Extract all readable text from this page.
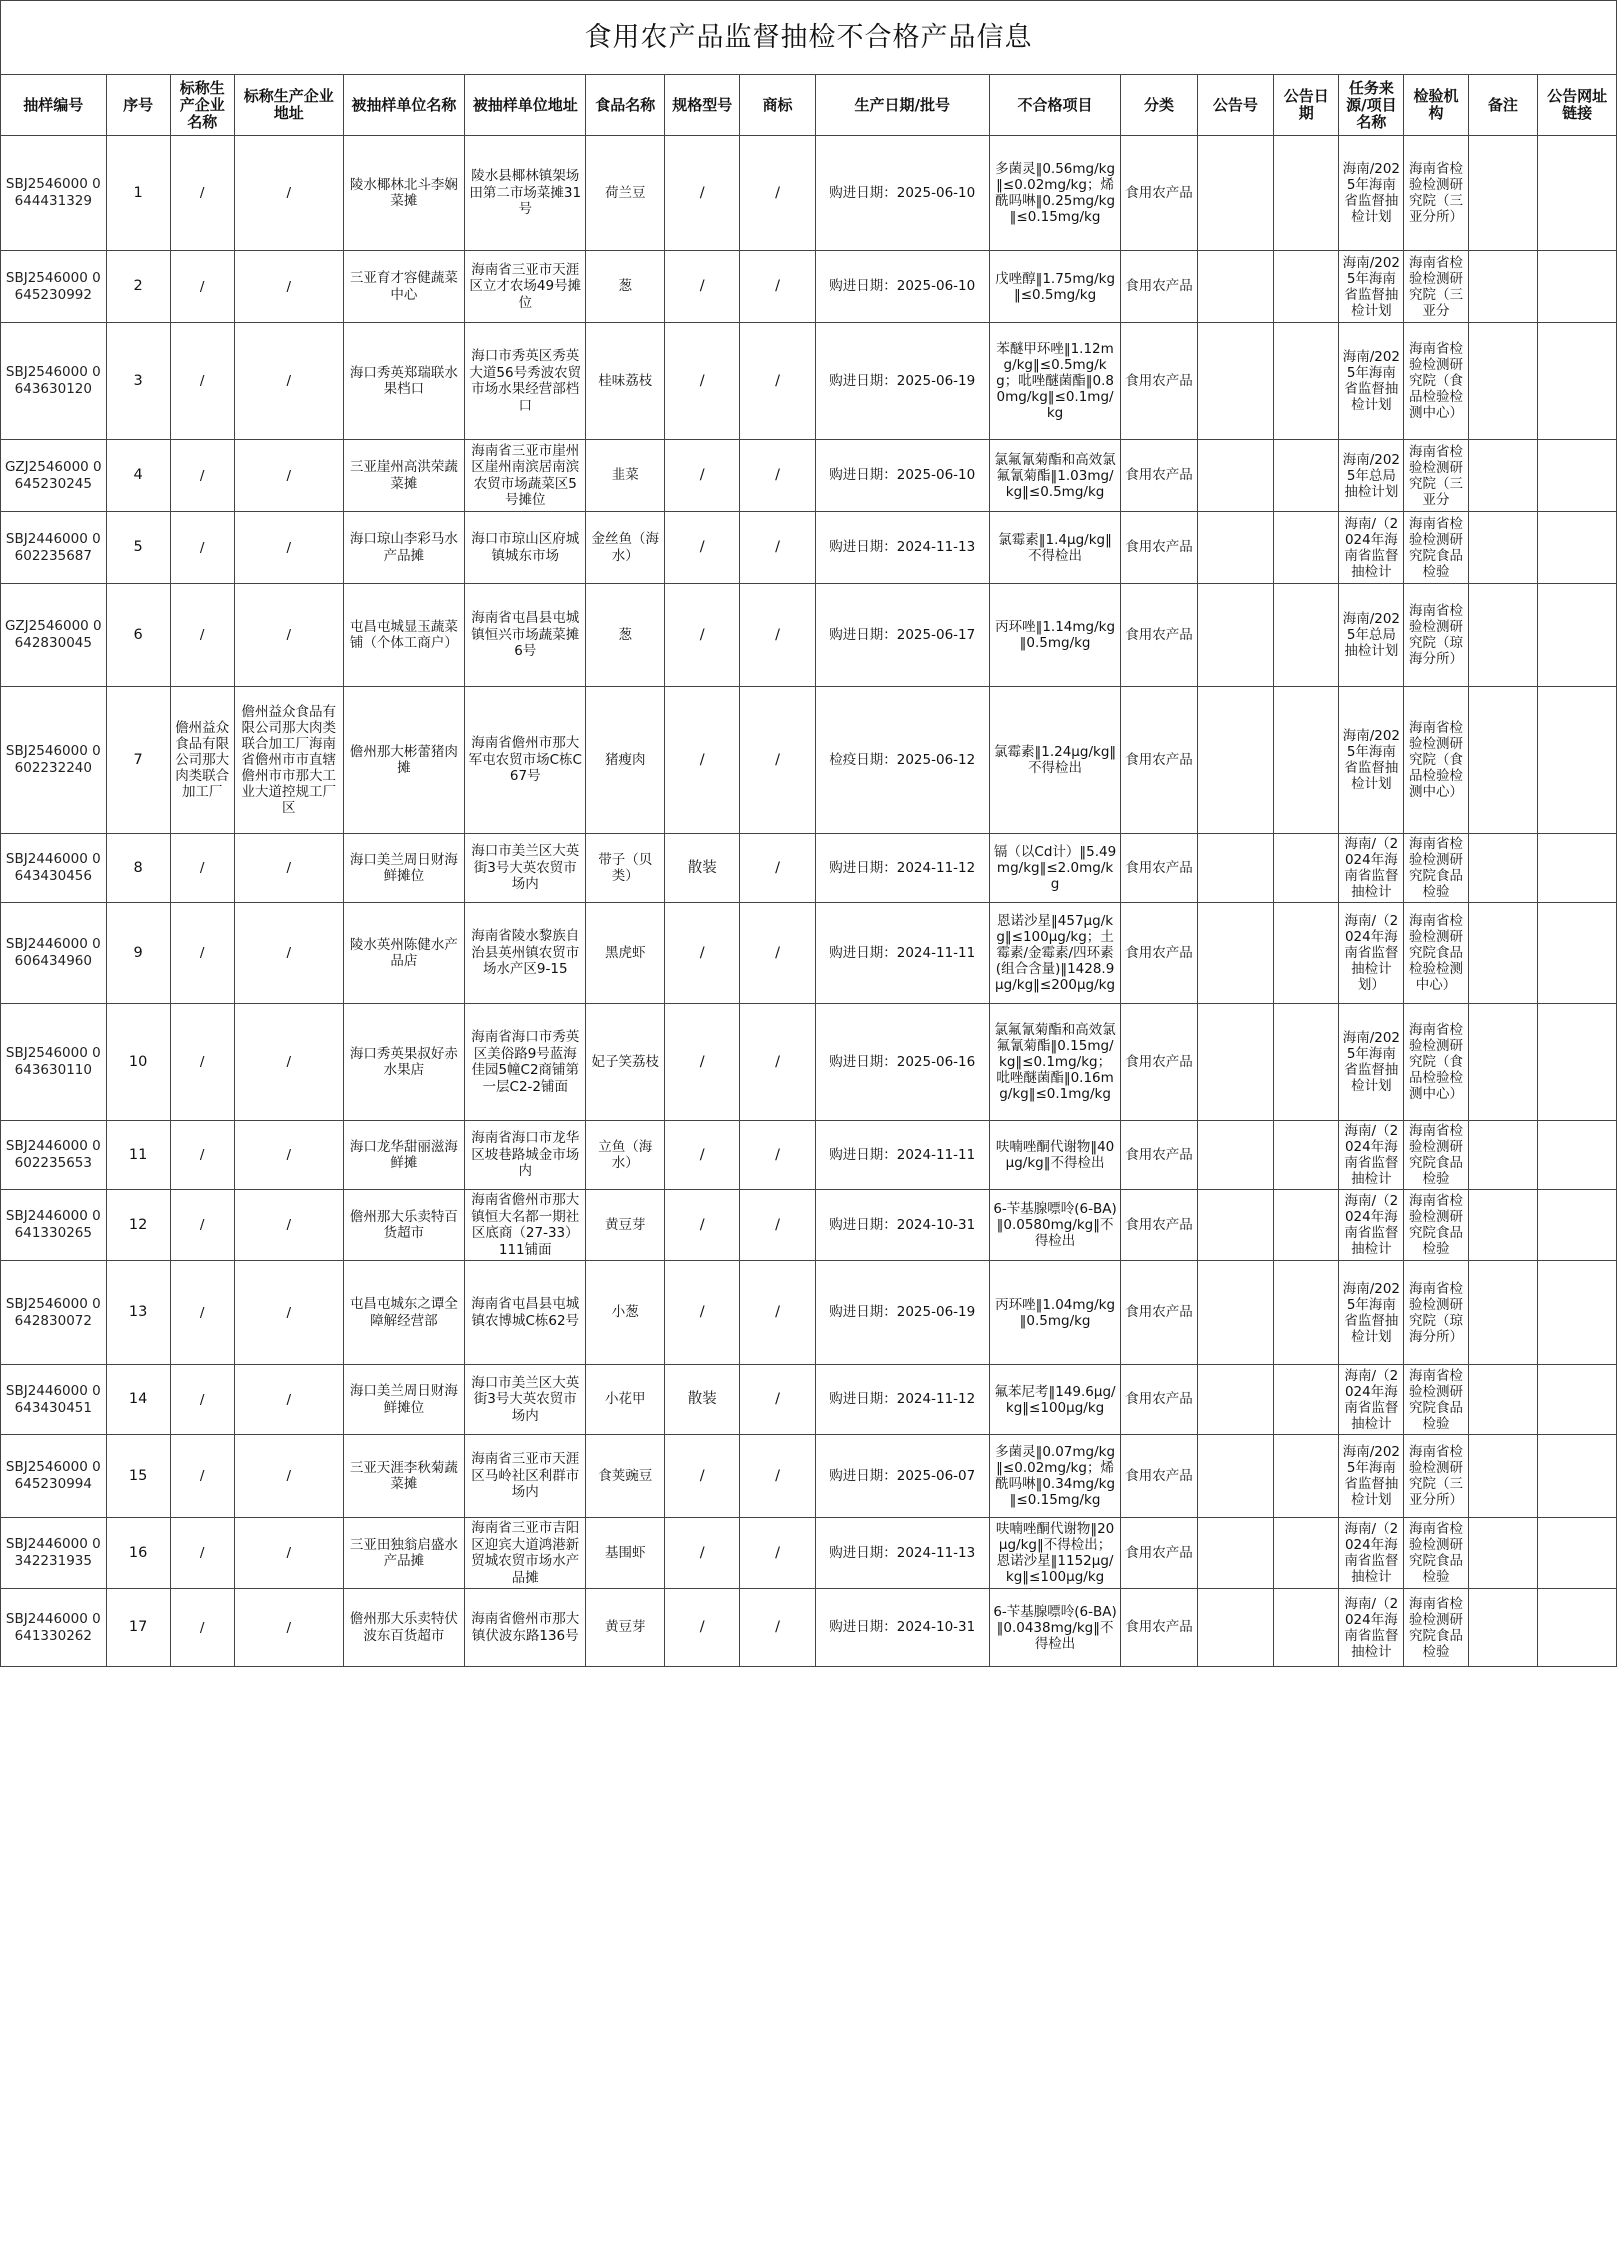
食用农产品监督抽检不合格产品信息
抽样编号	序号	标称生产企业名称	标称生产企业地址	被抽样单位名称	被抽样单位地址	食品名称	规格型号	商标	生产日期/批号	不合格项目	分类	公告号	公告日期	任务来源/项目名称	检验机构	备注	公告网址链接
SBJ2546000 0644431329	1	/	/	陵水椰林北斗李娴菜摊	陵水县椰林镇架场田第二市场菜摊31号	荷兰豆	/	/	购进日期：2025-06-10	多菌灵‖0.56mg/kg‖≤0.02mg/kg；烯酰吗啉‖0.25mg/kg‖≤0.15mg/kg	食用农产品			海南/2025年海南省监督抽检计划	海南省检验检测研究院（三亚分所）		
SBJ2546000 0645230992	2	/	/	三亚育才容健蔬菜中心	海南省三亚市天涯区立才农场49号摊位	葱	/	/	购进日期：2025-06-10	戊唑醇‖1.75mg/kg‖≤0.5mg/kg	食用农产品			海南/2025年海南省监督抽检计划	海南省检验检测研究院（三亚分		
SBJ2546000 0643630120	3	/	/	海口秀英郑瑞联水果档口	海口市秀英区秀英大道56号秀波农贸市场水果经营部档口	桂味荔枝	/	/	购进日期：2025-06-19	苯醚甲环唑‖1.12mg/kg‖≤0.5mg/kg；吡唑醚菌酯‖0.80mg/kg‖≤0.1mg/kg	食用农产品			海南/2025年海南省监督抽检计划	海南省检验检测研究院（食品检验检测中心）		
GZJ2546000 0645230245	4	/	/	三亚崖州高洪荣蔬菜摊	海南省三亚市崖州区崖州南滨居南滨农贸市场蔬菜区5号摊位	韭菜	/	/	购进日期：2025-06-10	氯氟氰菊酯和高效氯氟氰菊酯‖1.03mg/kg‖≤0.5mg/kg	食用农产品			海南/2025年总局抽检计划	海南省检验检测研究院（三亚分		
SBJ2446000 0602235687	5	/	/	海口琼山李彩马水产品摊	海口市琼山区府城镇城东市场	金丝鱼（海水）	/	/	购进日期：2024-11-13	氯霉素‖1.4μg/kg‖不得检出	食用农产品			海南/（2024年海南省监督抽检计	海南省检验检测研究院食品检验		
GZJ2546000 0642830045	6	/	/	屯昌屯城显玉蔬菜铺（个体工商户）	海南省屯昌县屯城镇恒兴市场蔬菜摊6号	葱	/	/	购进日期：2025-06-17	丙环唑‖1.14mg/kg‖0.5mg/kg	食用农产品			海南/2025年总局抽检计划	海南省检验检测研究院（琼海分所）		
SBJ2546000 0602232240	7	儋州益众食品有限公司那大肉类联合加工厂	儋州益众食品有限公司那大肉类联合加工厂海南省儋州市市直辖儋州市市那大工业大道控规工厂区	儋州那大彬蕾猪肉摊	海南省儋州市那大军屯农贸市场C栋C67号	猪瘦肉	/	/	检疫日期：2025-06-12	氯霉素‖1.24μg/kg‖不得检出	食用农产品			海南/2025年海南省监督抽检计划	海南省检验检测研究院（食品检验检测中心）		
SBJ2446000 0643430456	8	/	/	海口美兰周日财海鲜摊位	海口市美兰区大英街3号大英农贸市场内	带子（贝类）	散装	/	购进日期：2024-11-12	镉（以Cd计）‖5.49mg/kg‖≤2.0mg/kg	食用农产品			海南/（2024年海南省监督抽检计	海南省检验检测研究院食品检验		
SBJ2446000 0606434960	9	/	/	陵水英州陈健水产品店	海南省陵水黎族自治县英州镇农贸市场水产区9-15	黑虎虾	/	/	购进日期：2024-11-11	恩诺沙星‖457μg/kg‖≤100μg/kg；土霉素/金霉素/四环素(组合含量)‖1428.9μg/kg‖≤200μg/kg	食用农产品			海南/（2024年海南省监督抽检计划）	海南省检验检测研究院食品检验检测中心）		
SBJ2546000 0643630110	10	/	/	海口秀英果叔好赤水果店	海南省海口市秀英区美俗路9号蓝海佳园5幢C2商铺第一层C2-2铺面	妃子笑荔枝	/	/	购进日期：2025-06-16	氯氟氰菊酯和高效氯氟氰菊酯‖0.15mg/kg‖≤0.1mg/kg；吡唑醚菌酯‖0.16mg/kg‖≤0.1mg/kg	食用农产品			海南/2025年海南省监督抽检计划	海南省检验检测研究院（食品检验检测中心）		
SBJ2446000 0602235653	11	/	/	海口龙华甜丽滋海鲜摊	海南省海口市龙华区坡巷路城金市场内	立鱼（海水）	/	/	购进日期：2024-11-11	呋喃唑酮代谢物‖40μg/kg‖不得检出	食用农产品			海南/（2024年海南省监督抽检计	海南省检验检测研究院食品检验		
SBJ2446000 0641330265	12	/	/	儋州那大乐卖特百货超市	海南省儋州市那大镇恒大名都一期社区底商（27-33）111铺面	黄豆芽	/	/	购进日期：2024-10-31	6-苄基腺嘌呤(6-BA)‖0.0580mg/kg‖不得检出	食用农产品			海南/（2024年海南省监督抽检计	海南省检验检测研究院食品检验		
SBJ2546000 0642830072	13	/	/	屯昌屯城东之谭全障解经营部	海南省屯昌县屯城镇农博城C栋62号	小葱	/	/	购进日期：2025-06-19	丙环唑‖1.04mg/kg‖0.5mg/kg	食用农产品			海南/2025年海南省监督抽检计划	海南省检验检测研究院（琼海分所）		
SBJ2446000 0643430451	14	/	/	海口美兰周日财海鲜摊位	海口市美兰区大英街3号大英农贸市场内	小花甲	散装	/	购进日期：2024-11-12	氟苯尼考‖149.6μg/kg‖≤100μg/kg	食用农产品			海南/（2024年海南省监督抽检计	海南省检验检测研究院食品检验		
SBJ2546000 0645230994	15	/	/	三亚天涯李秋菊蔬菜摊	海南省三亚市天涯区马岭社区利群市场内	食荚豌豆	/	/	购进日期：2025-06-07	多菌灵‖0.07mg/kg‖≤0.02mg/kg；烯酰吗啉‖0.34mg/kg‖≤0.15mg/kg	食用农产品			海南/2025年海南省监督抽检计划	海南省检验检测研究院（三亚分所）		
SBJ2446000 0342231935	16	/	/	三亚田独翁启盛水产品摊	海南省三亚市吉阳区迎宾大道鸿港新贸城农贸市场水产品摊	基围虾	/	/	购进日期：2024-11-13	呋喃唑酮代谢物‖20μg/kg‖不得检出；恩诺沙星‖1152μg/kg‖≤100μg/kg	食用农产品			海南/（2024年海南省监督抽检计	海南省检验检测研究院食品检验		
SBJ2446000 0641330262	17	/	/	儋州那大乐卖特伏波东百货超市	海南省儋州市那大镇伏波东路136号	黄豆芽	/	/	购进日期：2024-10-31	6-苄基腺嘌呤(6-BA)‖0.0438mg/kg‖不得检出	食用农产品			海南/（2024年海南省监督抽检计	海南省检验检测研究院食品检验		
